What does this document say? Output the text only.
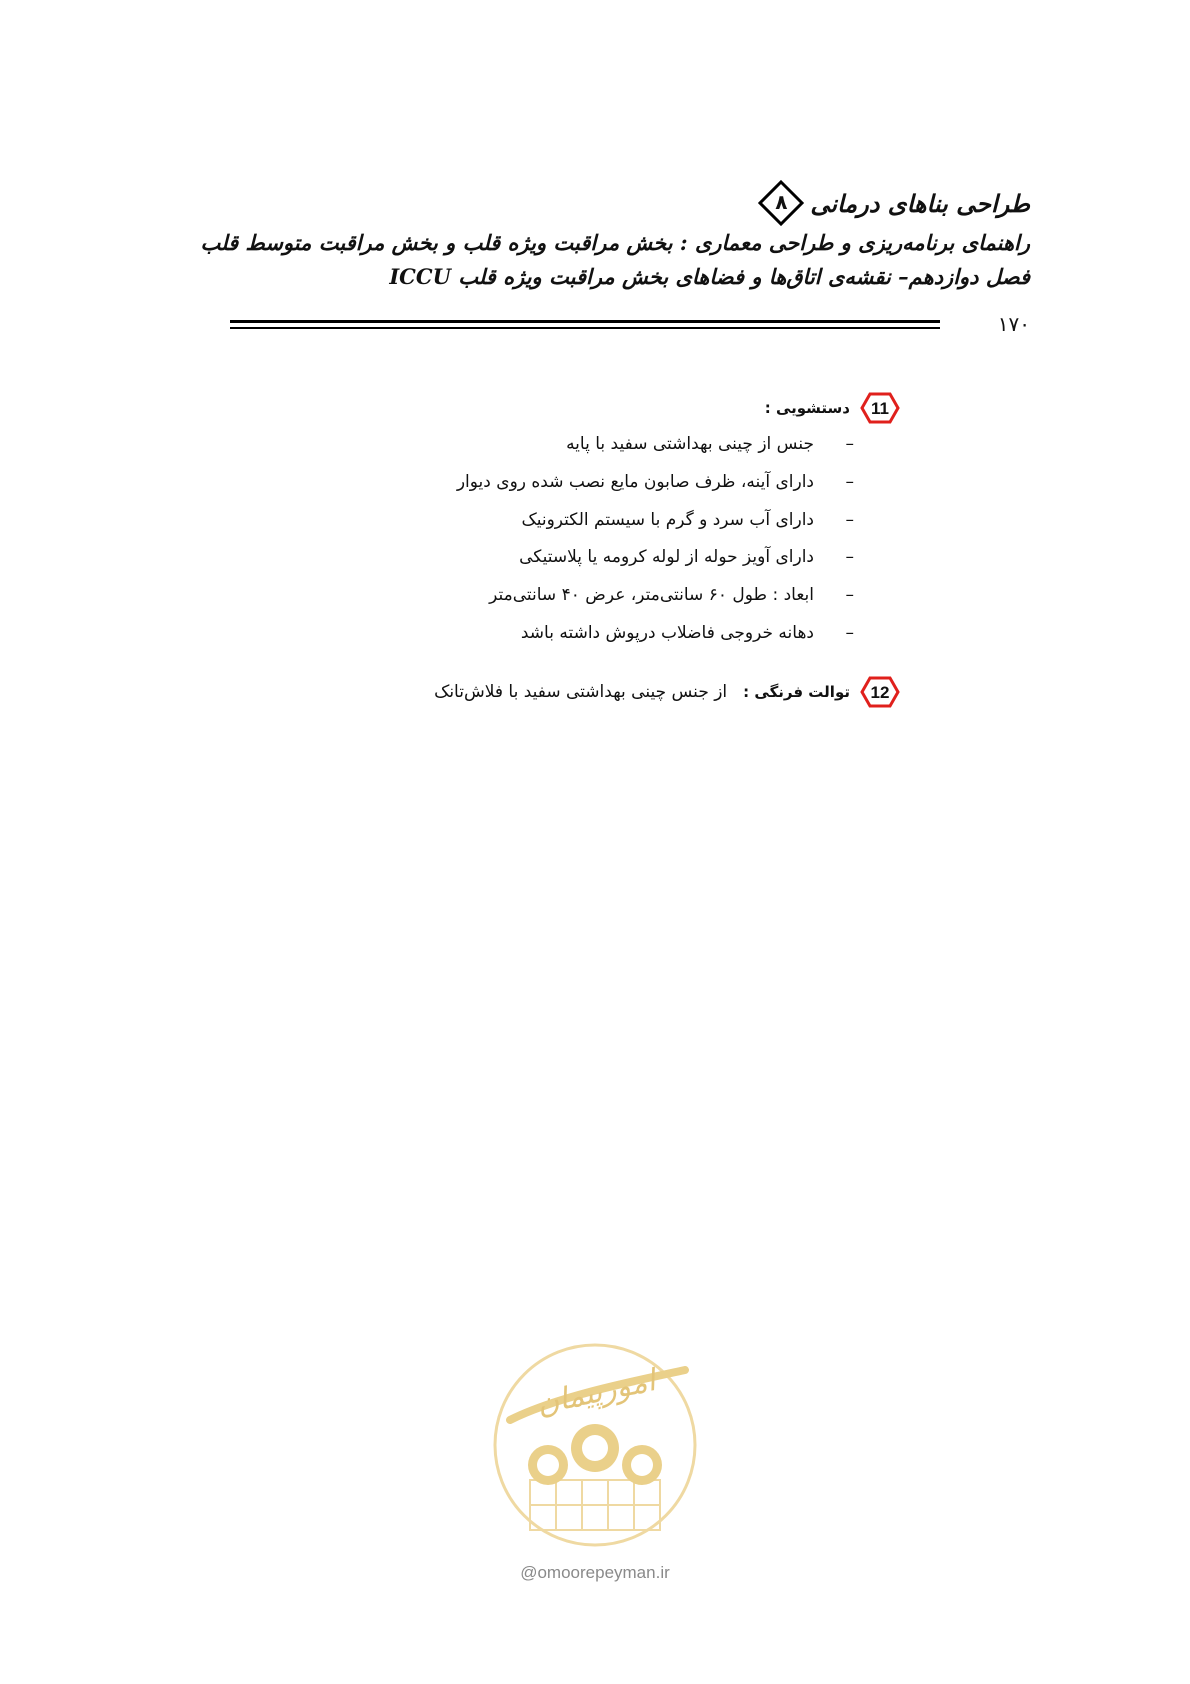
طراحی بناهای درمانی
۸
راهنمای برنامه‌ریزی و طراحی معماری : بخش مراقبت ویژه قلب و بخش مراقبت متوسط قلب
فصل دوازدهم– نقشه‌ی اتاق‌ها و فضاهای بخش مراقبت ویژه قلب ICCU
۱۷۰
11
دستشویی :
–
جنس از چینی بهداشتی سفید با پایه
–
دارای آینه، ظرف صابون مایع نصب شده روی دیوار
–
دارای آب سرد و گرم با سیستم الکترونیک
–
دارای آویز حوله از لوله کرومه یا پلاستیکی
–
ابعاد : طول ۶۰ سانتی‌متر، عرض ۴۰ سانتی‌متر
–
دهانه خروجی فاضلاب درپوش داشته باشد
12
توالت فرنگی :
از جنس چینی بهداشتی سفید با فلاش‌تانک
امورپیمان
@omoorepeyman.ir
